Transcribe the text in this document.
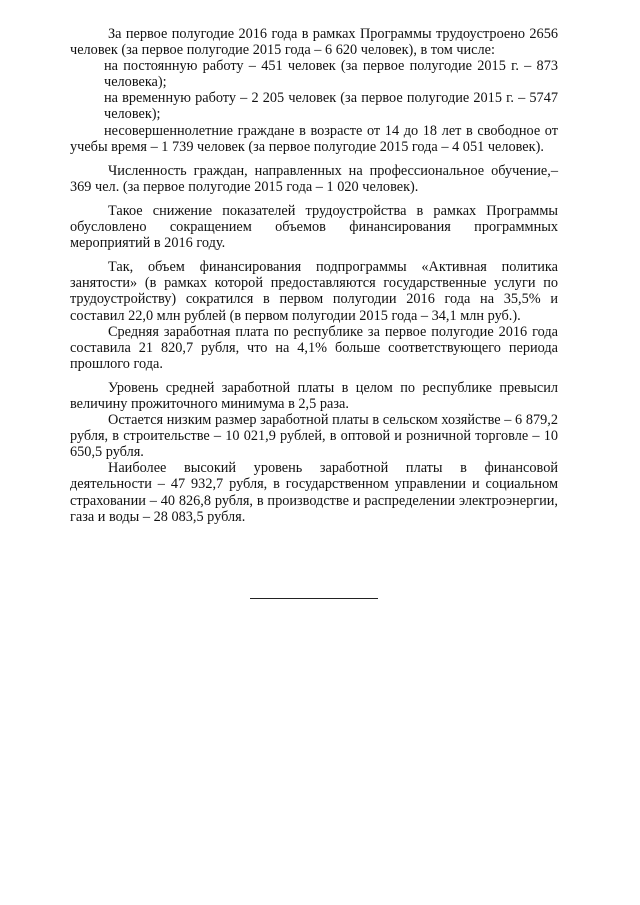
За первое полугодие 2016 года в рамках Программы трудоустроено 2656 человек (за первое полугодие 2015 года – 6 620 человек), в том числе:

на постоянную работу – 451 человек (за первое полугодие 2015 г. – 873 человека);

на временную работу – 2 205 человек (за первое полугодие 2015 г. – 5747 человек);

несовершеннолетние граждане в возрасте от 14 до 18 лет в свободное от учебы время – 1 739 человек (за первое полугодие 2015 года – 4 051 человек).

Численность граждан, направленных на профессиональное обучение,– 369 чел. (за первое полугодие 2015 года – 1 020 человек).

Такое снижение показателей трудоустройства в рамках Программы обусловлено сокращением объемов финансирования программных мероприятий в 2016 году.

Так, объем финансирования подпрограммы «Активная политика занятости» (в рамках которой предоставляются государственные услуги по трудоустройству) сократился в первом полугодии 2016 года на 35,5% и составил 22,0 млн рублей (в первом полугодии 2015 года – 34,1 млн руб.).

Средняя заработная плата по республике за первое полугодие 2016 года составила 21 820,7 рубля, что на 4,1% больше соответствующего периода прошлого года.

Уровень средней заработной платы в целом по республике превысил величину прожиточного минимума в 2,5 раза.

Остается низким размер заработной платы в сельском хозяйстве – 6 879,2 рубля, в строительстве – 10 021,9 рублей, в оптовой и розничной торговле – 10 650,5 рубля.

Наиболее высокий уровень заработной платы в финансовой деятельности – 47 932,7 рубля, в государственном управлении и социальном страховании – 40 826,8 рубля, в производстве и распределении электроэнергии, газа и воды – 28 083,5 рубля.
